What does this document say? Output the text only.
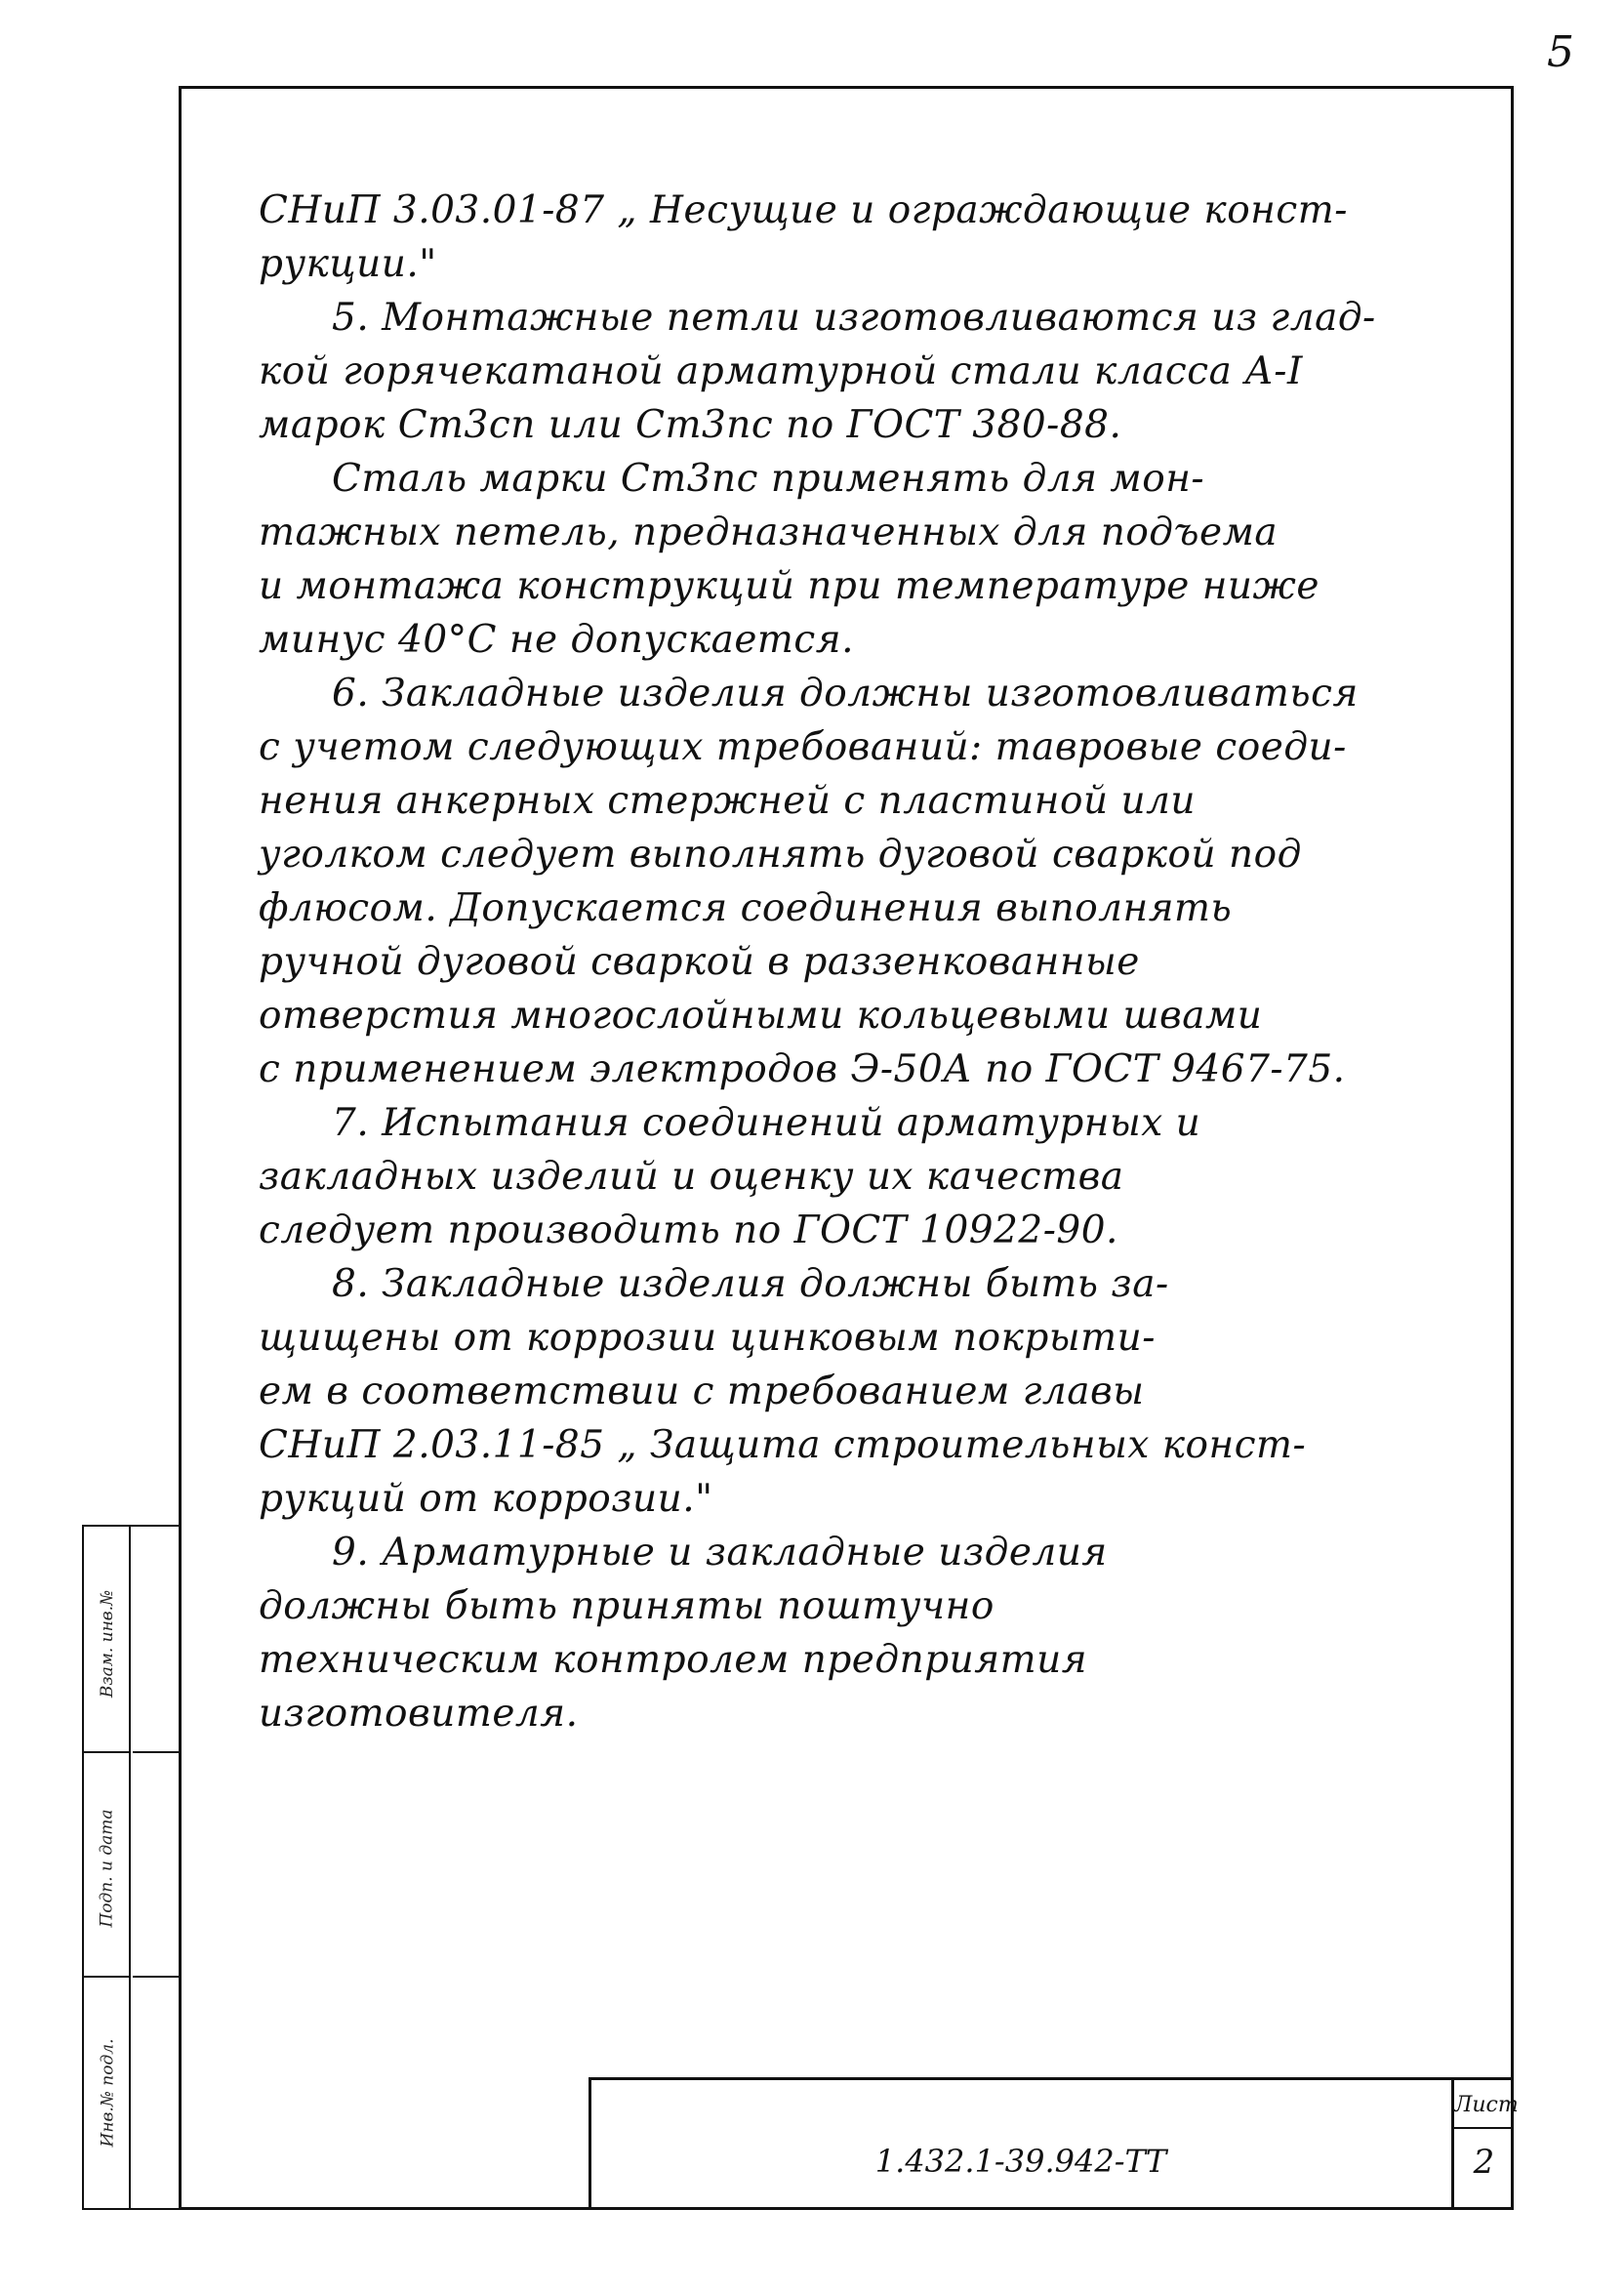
5
Инв.№ подл.
Подп. и дата
Взам. инв.№
СНиП 3.03.01-87 „ Несущие и ограждающие конст-
рукции."
5. Монтажные петли изготовливаются из глад-
кой горячекатаной арматурной стали класса А-I
марок Ст3сп или Ст3пс по ГОСТ 380-88.
Сталь марки Ст3пс применять для мон-
тажных петель, предназначенных для подъема
и монтажа конструкций при температуре ниже
минус 40°С не допускается.
6. Закладные изделия должны изготовливаться
с учетом следующих требований: тавровые соеди-
нения анкерных стержней с пластиной или
уголком следует выполнять дуговой сваркой под
флюсом. Допускается соединения выполнять
ручной дуговой сваркой в раззенкованные
отверстия многослойными кольцевыми швами
с применением электродов Э-50А по ГОСТ 9467-75.
7. Испытания соединений арматурных и
закладных изделий и оценку их качества
следует производить по ГОСТ 10922-90.
8. Закладные изделия должны быть за-
щищены от коррозии цинковым покрыти-
ем в соответствии с требованием главы
СНиП 2.03.11-85 „ Защита строительных конст-
рукций от коррозии."
9. Арматурные и закладные изделия
должны быть приняты поштучно
техническим контролем предприятия
изготовителя.
1.432.1-39.942-ТТ
Лист
2
